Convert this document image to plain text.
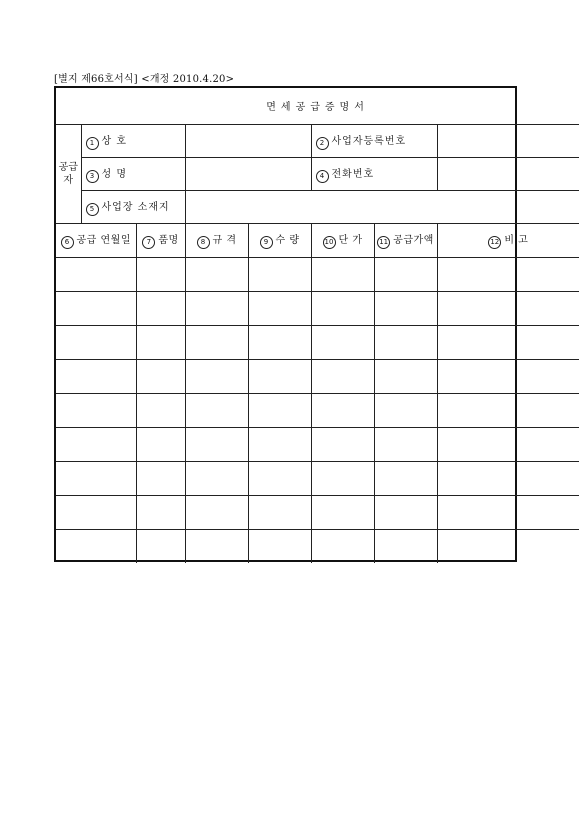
[별지 제66호서식] <개정 2010.4.20>
면세공급증명서							
공급
자	1 상 호				2 사업자등록번호		
	3 성 명				4 전화번호		
	5 사업장 소재지						
6 공급 연월일		7 품명	8 규 격	9 수 량	10 단 가	11 공급가액	12 비 고
